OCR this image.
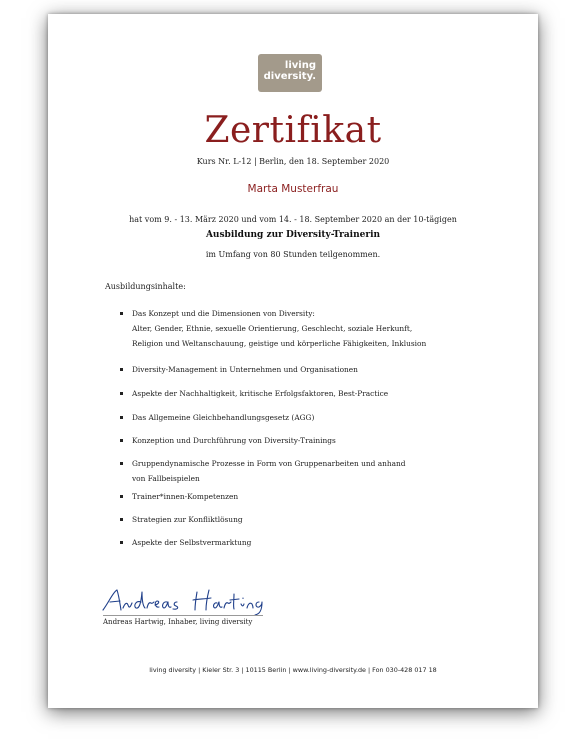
living
diversity.
Zertifikat
Kurs Nr. L-12 | Berlin, den 18. September 2020
Marta Musterfrau
hat vom 9. - 13. März 2020 und vom 14. - 18. September 2020 an der 10-tägigen
Ausbildung zur Diversity-Trainerin
im Umfang von 80 Stunden teilgenommen.
Ausbildungsinhalte:
Das Konzept und die Dimensionen von Diversity:
Alter, Gender, Ethnie, sexuelle Orientierung, Geschlecht, soziale Herkunft,
Religion und Weltanschauung, geistige und körperliche Fähigkeiten, Inklusion
Diversity-Management in Unternehmen und Organisationen
Aspekte der Nachhaltigkeit, kritische Erfolgsfaktoren, Best-Practice
Das Allgemeine Gleichbehandlungsgesetz (AGG)
Konzeption und Durchführung von Diversity-Trainings
Gruppendynamische Prozesse in Form von Gruppenarbeiten und anhand
von Fallbeispielen
Trainer*innen-Kompetenzen
Strategien zur Konfliktlösung
Aspekte der Selbstvermarktung
Andreas Hartwig, Inhaber, living diversity
living diversity | Kieler Str. 3 | 10115 Berlin | www.living-diversity.de | Fon 030-428 017 18
